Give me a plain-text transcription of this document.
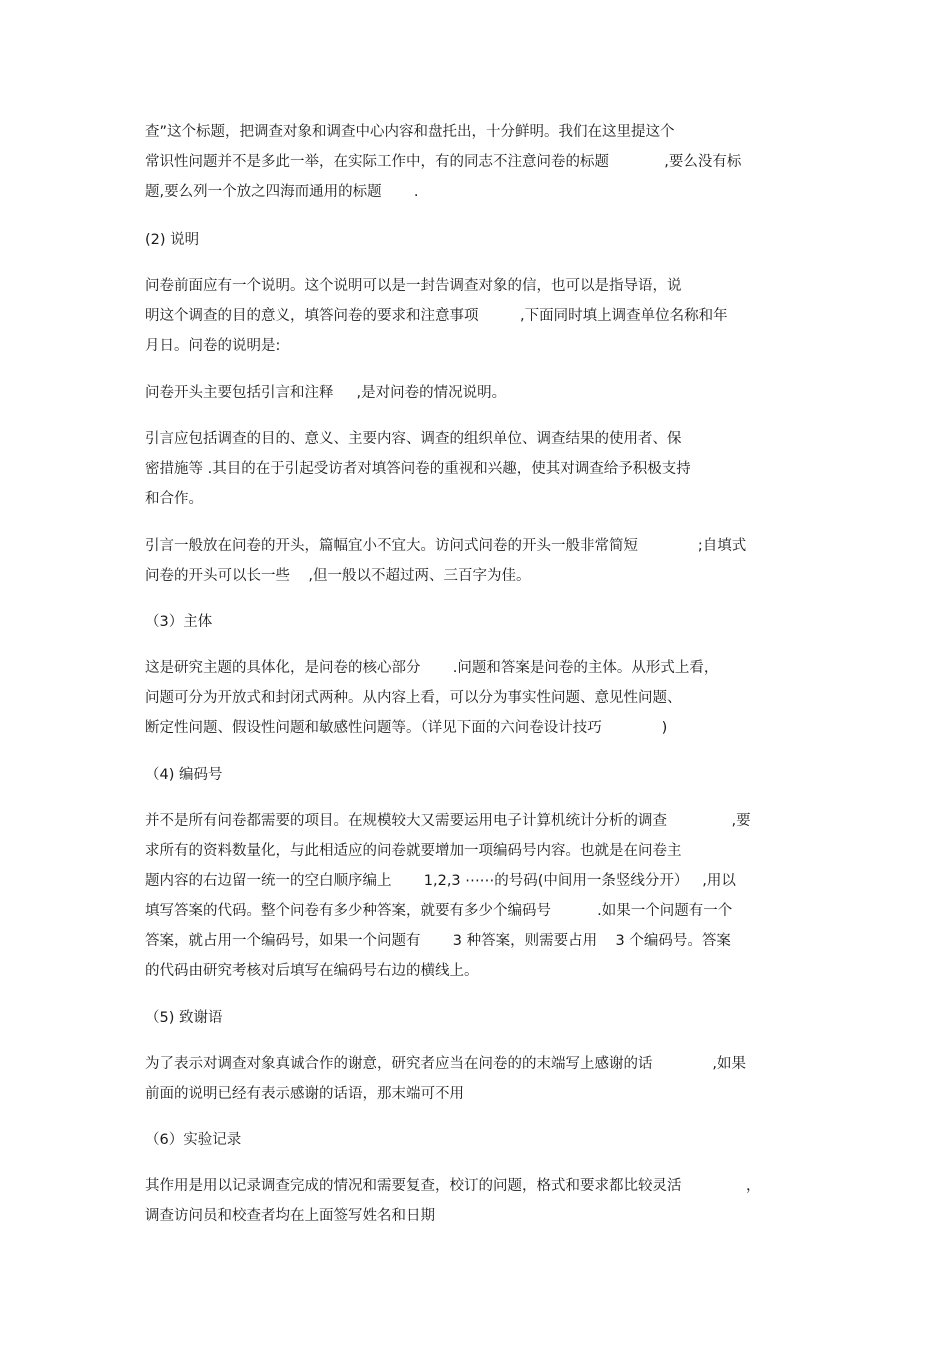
查”这个标题，把调查对象和调查中心内容和盘托出，十分鲜明。我们在这里提这个
常识性问题并不是多此一举，在实际工作中，有的同志不注意问卷的标题            ,要么没有标
题,要么列一个放之四海而通用的标题       .
(2) 说明
问卷前面应有一个说明。这个说明可以是一封告调查对象的信，也可以是指导语，说
明这个调查的目的意义，填答问卷的要求和注意事项         ,下面同时填上调查单位名称和年
月日。问卷的说明是:
问卷开头主要包括引言和注释     ,是对问卷的情况说明。
引言应包括调查的目的、意义、主要内容、调查的组织单位、调查结果的使用者、保
密措施等 .其目的在于引起受访者对填答问卷的重视和兴趣，使其对调查给予积极支持
和合作。
引言一般放在问卷的开头，篇幅宜小不宜大。访问式问卷的开头一般非常简短             ;自填式
问卷的开头可以长一些    ,但一般以不超过两、三百字为佳。
（3）主体
这是研究主题的具体化，是问卷的核心部分       .问题和答案是问卷的主体。从形式上看，
问题可分为开放式和封闭式两种。从内容上看，可以分为事实性问题、意见性问题、
断定性问题、假设性问题和敏感性问题等。（详见下面的六问卷设计技巧             )
（4) 编码号
并不是所有问卷都需要的项目。在规模较大又需要运用电子计算机统计分析的调查              ,要
求所有的资料数量化，与此相适应的问卷就要增加一项编码号内容。也就是在问卷主
题内容的右边留一统一的空白顺序编上       1,2,3 ⋯⋯的号码(中间用一条竖线分开）   ,用以
填写答案的代码。整个问卷有多少种答案，就要有多少个编码号          .如果一个问题有一个
答案，就占用一个编码号，如果一个问题有       3 种答案，则需要占用    3 个编码号。答案
的代码由研究考核对后填写在编码号右边的横线上。
（5) 致谢语
为了表示对调查对象真诚合作的谢意，研究者应当在问卷的的末端写上感谢的话             ,如果
前面的说明已经有表示感谢的话语，那末端可不用
（6）实验记录
其作用是用以记录调查完成的情况和需要复查，校订的问题，格式和要求都比较灵活              ，
调查访问员和校查者均在上面签写姓名和日期
